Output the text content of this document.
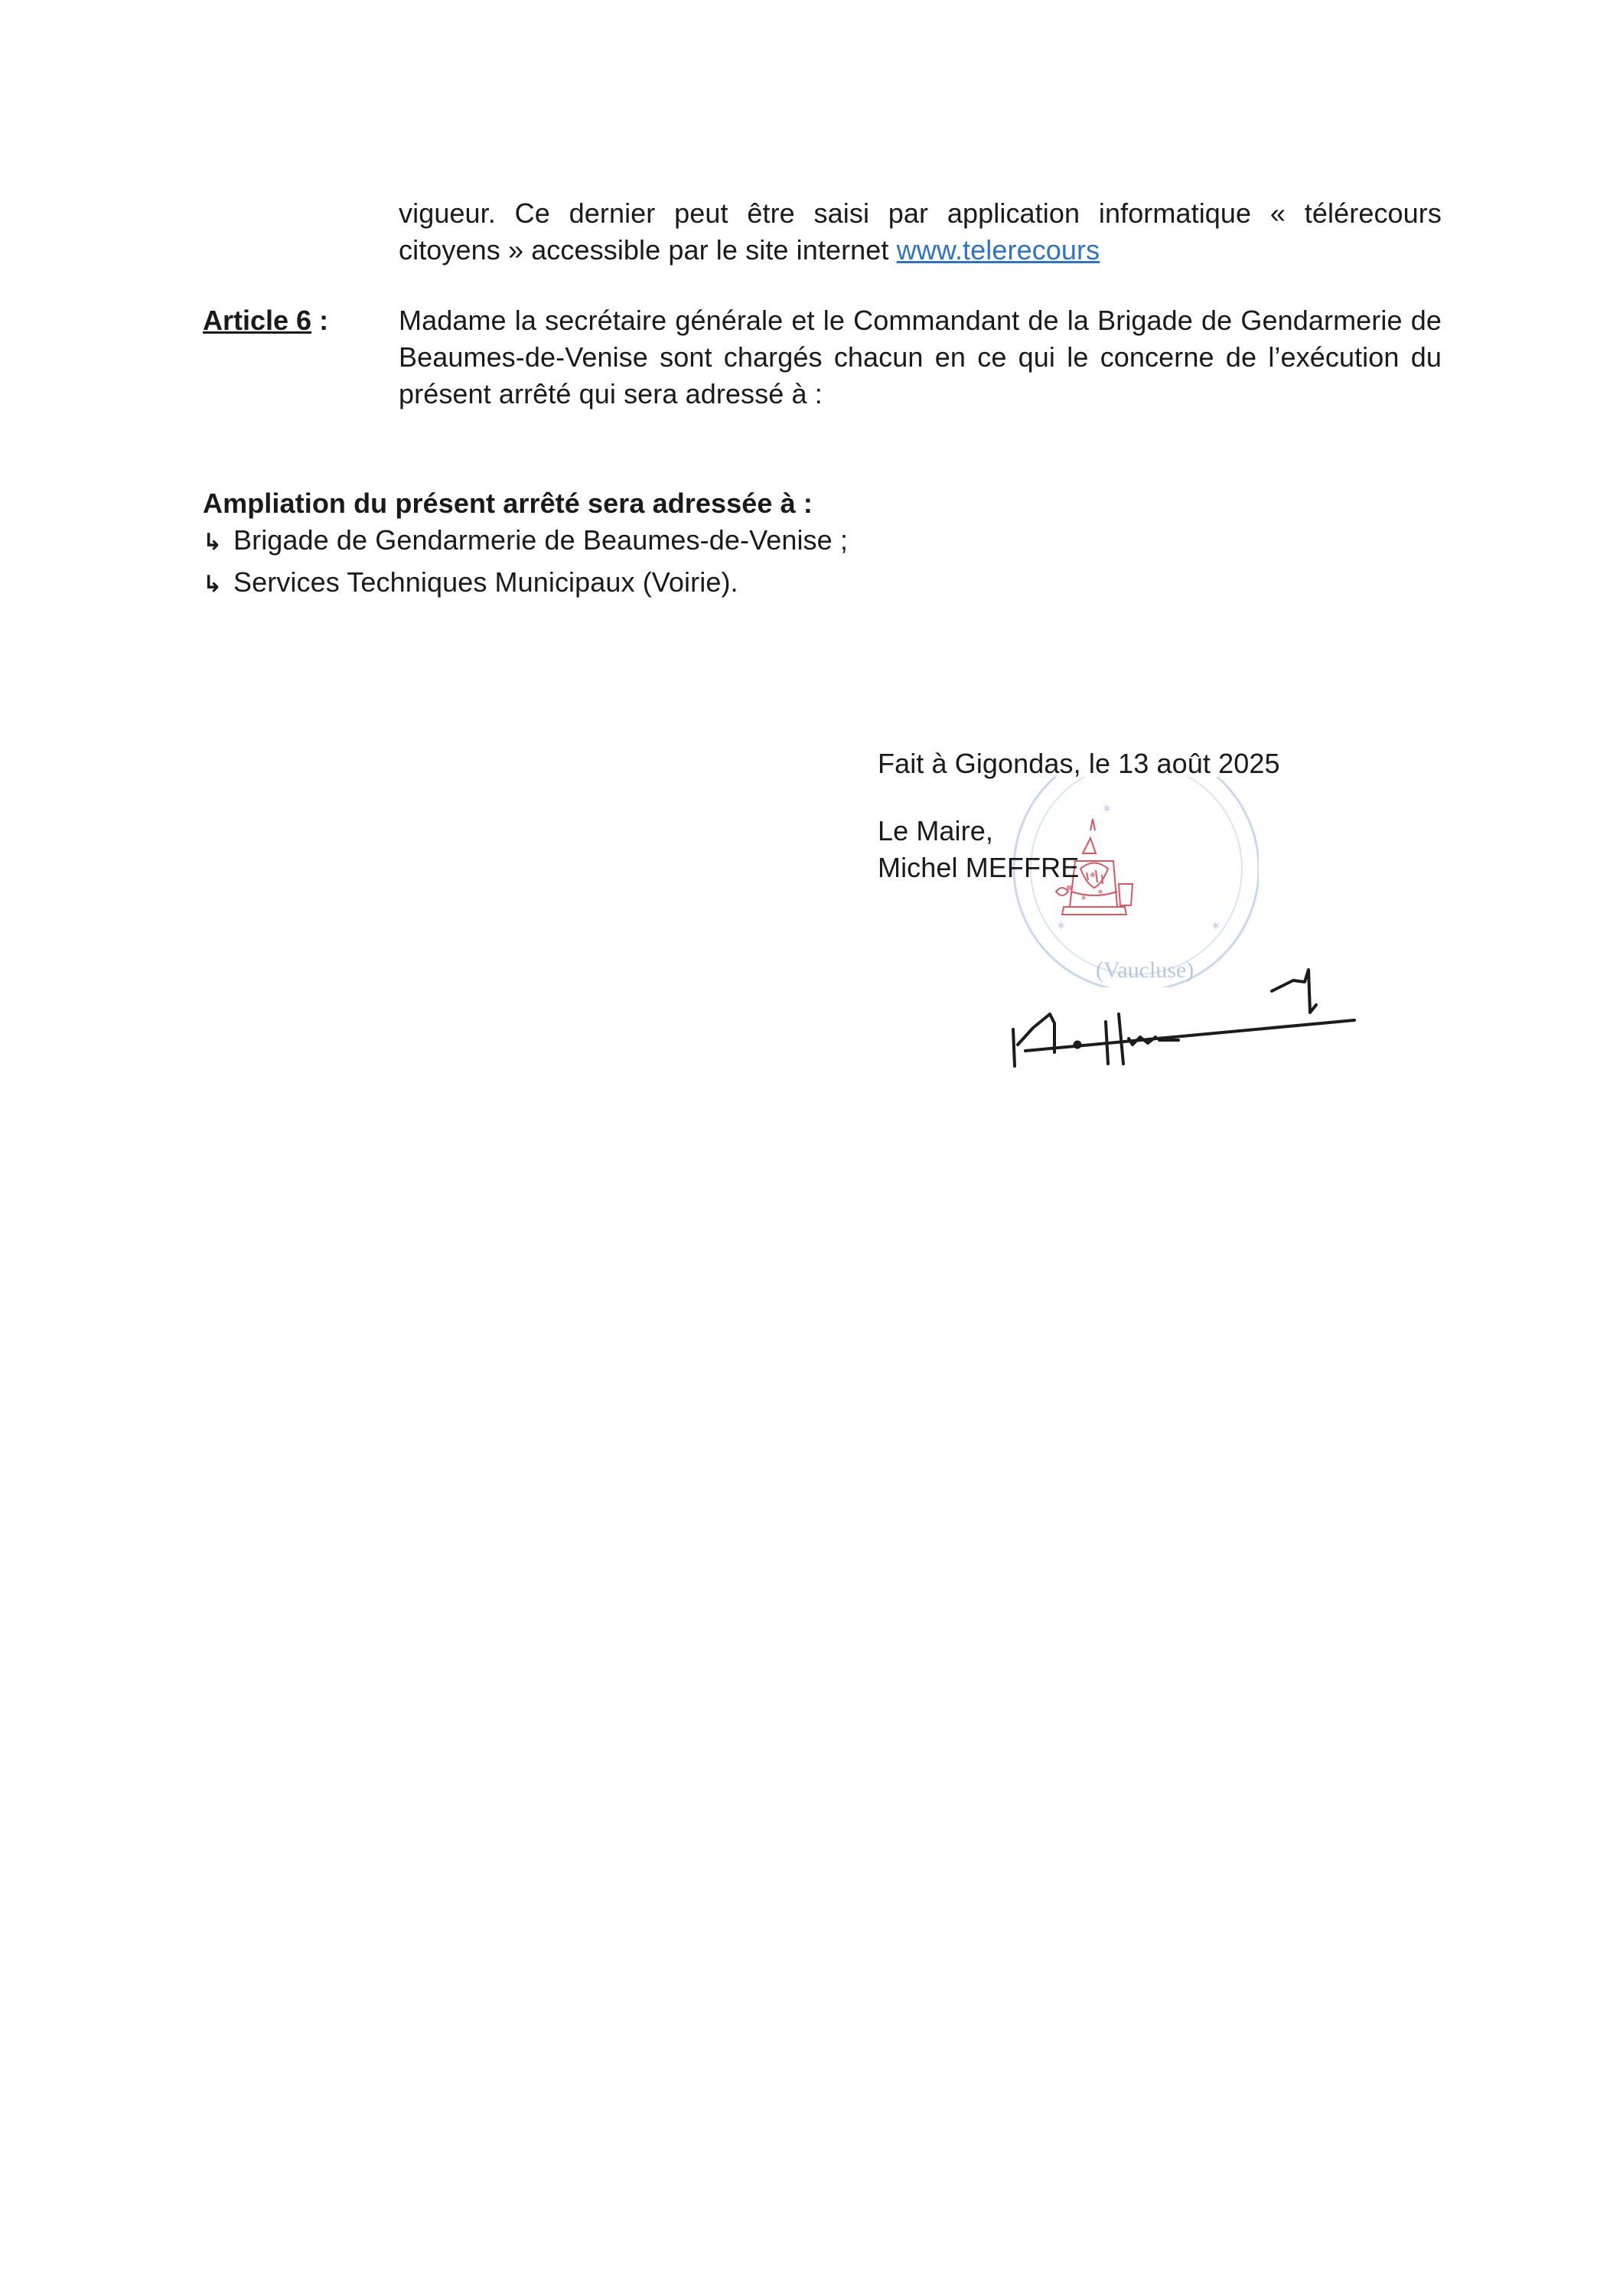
vigueur. Ce dernier peut être saisi par application informatique « télérecours
citoyens » accessible par le site internet www.telerecours
Article 6 :	Madame la secrétaire générale et le Commandant de la Brigade de Gendarmerie de
Beaumes-de-Venise sont chargés chacun en ce qui le concerne de l’exécution du
présent arrêté qui sera adressé à :
Ampliation du présent arrêté sera adressée à :
↳ Brigade de Gendarmerie de Beaumes-de-Venise ;
↳ Services Techniques Municipaux (Voirie).
Fait à Gigondas, le 13 août 2025
✶
✶	✶
(Vaucluse)
Le Maire,
Michel MEFFRE
